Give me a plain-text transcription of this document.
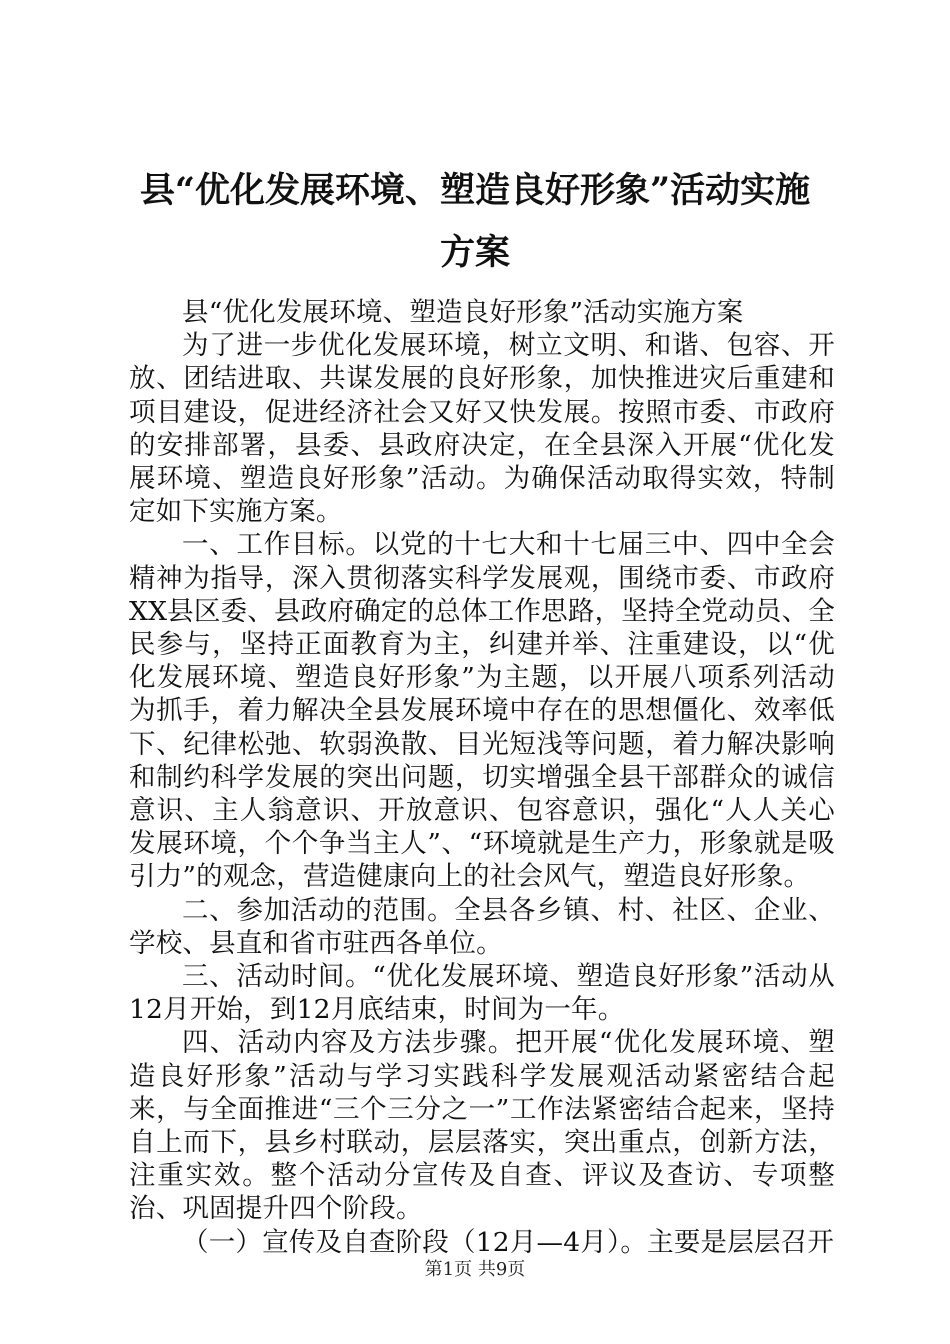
县“优化发展环境、塑造良好形象”活动实施
方案

县“优化发展环境、塑造良好形象”活动实施方案

为了进一步优化发展环境，树立文明、和谐、包容、开放、团结进取、共谋发展的良好形象，加快推进灾后重建和项目建设，促进经济社会又好又快发展。按照市委、市政府的安排部署，县委、县政府决定，在全县深入开展“优化发展环境、塑造良好形象”活动。为确保活动取得实效，特制定如下实施方案。

一、工作目标。以党的十七大和十七届三中、四中全会精神为指导，深入贯彻落实科学发展观，围绕市委、市政府XX县区委、县政府确定的总体工作思路，坚持全党动员、全民参与，坚持正面教育为主，纠建并举、注重建设，以“优化发展环境、塑造良好形象”为主题，以开展八项系列活动为抓手，着力解决全县发展环境中存在的思想僵化、效率低下、纪律松弛、软弱涣散、目光短浅等问题，着力解决影响和制约科学发展的突出问题，切实增强全县干部群众的诚信意识、主人翁意识、开放意识、包容意识，强化“人人关心发展环境，个个争当主人”、“环境就是生产力，形象就是吸引力”的观念，营造健康向上的社会风气，塑造良好形象。

二、参加活动的范围。全县各乡镇、村、社区、企业、学校、县直和省市驻西各单位。

三、活动时间。“优化发展环境、塑造良好形象”活动从12月开始，到12月底结束，时间为一年。

四、活动内容及方法步骤。把开展“优化发展环境、塑造良好形象”活动与学习实践科学发展观活动紧密结合起来，与全面推进“三个三分之一”工作法紧密结合起来，坚持自上而下，县乡村联动，层层落实，突出重点，创新方法，注重实效。整个活动分宣传及自查、评议及查访、专项整治、巩固提升四个阶段。

（一）宣传及自查阶段（12月—4月）。主要是层层召开

第1页 共9页
